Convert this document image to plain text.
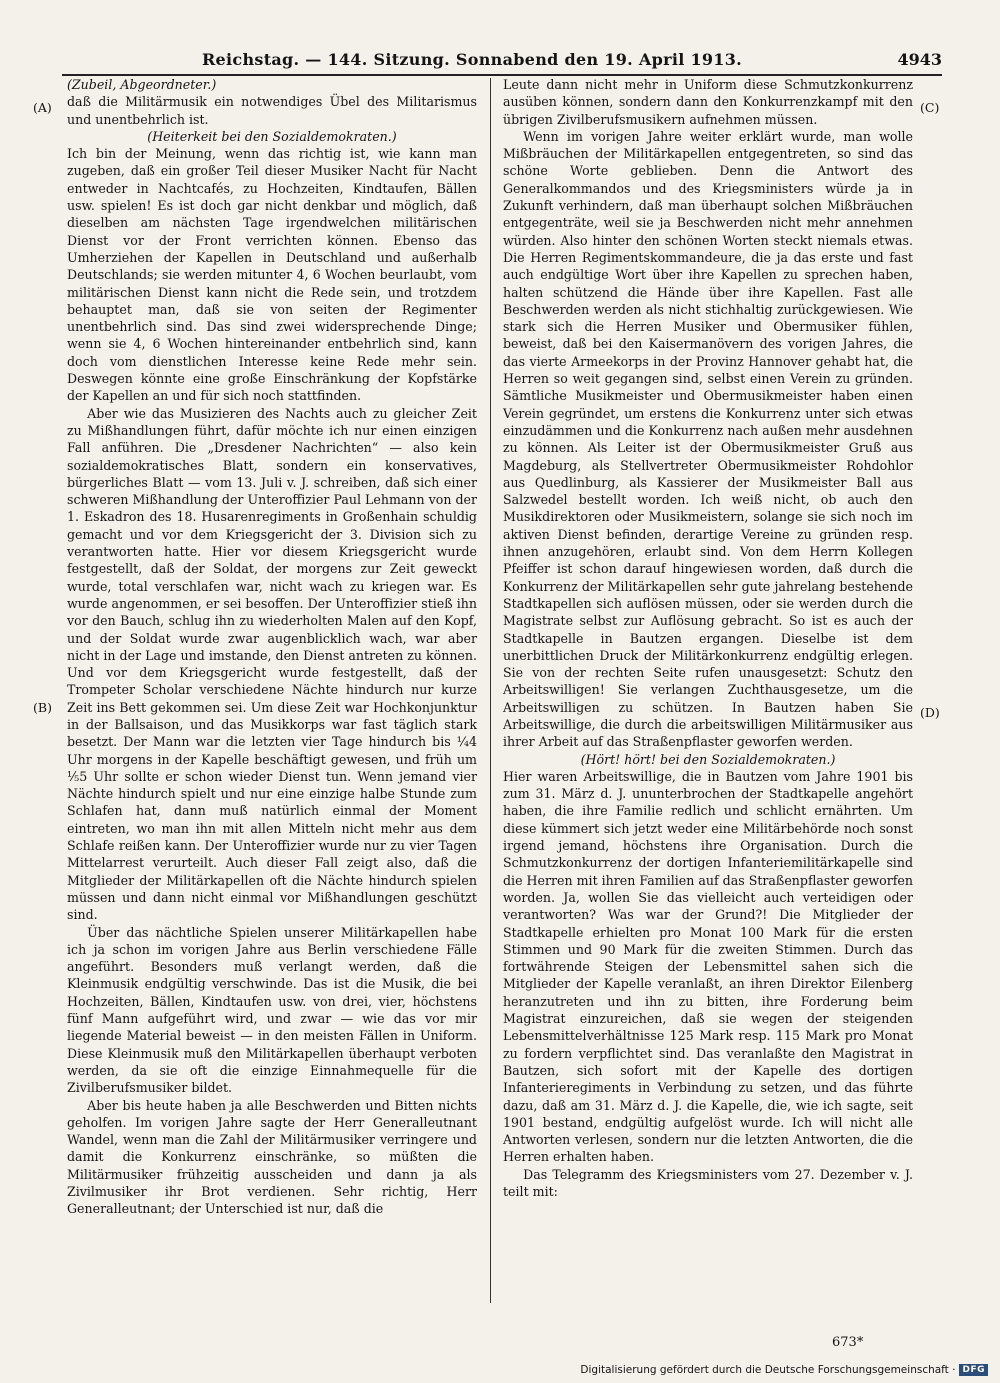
Reichstag. — 144. Sitzung. Sonnabend den 19. April 1913.	4943
(A)
(B)
(C)
(D)

(Zubeil, Abgeordneter.)

daß die Militärmusik ein notwendiges Übel des Militarismus und unentbehrlich ist.

(Heiterkeit bei den Sozialdemokraten.)

Ich bin der Meinung, wenn das richtig ist, wie kann man zugeben, daß ein großer Teil dieser Musiker Nacht für Nacht entweder in Nachtcafés, zu Hochzeiten, Kindtaufen, Bällen usw. spielen! Es ist doch gar nicht denkbar und möglich, daß dieselben am nächsten Tage irgendwelchen militärischen Dienst vor der Front verrichten können. Ebenso das Umherziehen der Kapellen in Deutschland und außerhalb Deutschlands; sie werden mitunter 4, 6 Wochen beurlaubt, vom militärischen Dienst kann nicht die Rede sein, und trotzdem behauptet man, daß sie von seiten der Regimenter unentbehrlich sind. Das sind zwei widersprechende Dinge; wenn sie 4, 6 Wochen hintereinander entbehrlich sind, kann doch vom dienstlichen Interesse keine Rede mehr sein. Deswegen könnte eine große Einschränkung der Kopfstärke der Kapellen an und für sich noch stattfinden.

Aber wie das Musizieren des Nachts auch zu gleicher Zeit zu Mißhandlungen führt, dafür möchte ich nur einen einzigen Fall anführen. Die „Dresdener Nachrichten“ — also kein sozialdemokratisches Blatt, sondern ein konservatives, bürgerliches Blatt — vom 13. Juli v. J. schreiben, daß sich einer schweren Mißhandlung der Unteroffizier Paul Lehmann von der 1. Eskadron des 18. Husarenregiments in Großenhain schuldig gemacht und vor dem Kriegsgericht der 3. Division sich zu verantworten hatte. Hier vor diesem Kriegsgericht wurde festgestellt, daß der Soldat, der morgens zur Zeit geweckt wurde, total verschlafen war, nicht wach zu kriegen war. Es wurde angenommen, er sei besoffen. Der Unteroffizier stieß ihn vor den Bauch, schlug ihn zu wiederholten Malen auf den Kopf, und der Soldat wurde zwar augenblicklich wach, war aber nicht in der Lage und imstande, den Dienst antreten zu können. Und vor dem Kriegsgericht wurde festgestellt, daß der Trompeter Scholar verschiedene Nächte hindurch nur kurze Zeit ins Bett gekommen sei. Um diese Zeit war Hochkonjunktur in der Ballsaison, und das Musikkorps war fast täglich stark besetzt. Der Mann war die letzten vier Tage hindurch bis ¼4 Uhr morgens in der Kapelle beschäftigt gewesen, und früh um ⅕5 Uhr sollte er schon wieder Dienst tun. Wenn jemand vier Nächte hindurch spielt und nur eine einzige halbe Stunde zum Schlafen hat, dann muß natürlich einmal der Moment eintreten, wo man ihn mit allen Mitteln nicht mehr aus dem Schlafe reißen kann. Der Unteroffizier wurde nur zu vier Tagen Mittelarrest verurteilt. Auch dieser Fall zeigt also, daß die Mitglieder der Militärkapellen oft die Nächte hindurch spielen müssen und dann nicht einmal vor Mißhandlungen geschützt sind.

Über das nächtliche Spielen unserer Militärkapellen habe ich ja schon im vorigen Jahre aus Berlin verschiedene Fälle angeführt. Besonders muß verlangt werden, daß die Kleinmusik endgültig verschwinde. Das ist die Musik, die bei Hochzeiten, Bällen, Kindtaufen usw. von drei, vier, höchstens fünf Mann aufgeführt wird, und zwar — wie das vor mir liegende Material beweist — in den meisten Fällen in Uniform. Diese Kleinmusik muß den Militärkapellen überhaupt verboten werden, da sie oft die einzige Einnahmequelle für die Zivilberufsmusiker bildet.

Aber bis heute haben ja alle Beschwerden und Bitten nichts geholfen. Im vorigen Jahre sagte der Herr Generalleutnant Wandel, wenn man die Zahl der Militärmusiker verringere und damit die Konkurrenz einschränke, so müßten die Militärmusiker frühzeitig ausscheiden und dann ja als Zivilmusiker ihr Brot verdienen. Sehr richtig, Herr Generalleutnant; der Unterschied ist nur, daß die

Leute dann nicht mehr in Uniform diese Schmutzkonkurrenz ausüben können, sondern dann den Konkurrenzkampf mit den übrigen Zivilberufsmusikern aufnehmen müssen.

Wenn im vorigen Jahre weiter erklärt wurde, man wolle Mißbräuchen der Militärkapellen entgegentreten, so sind das schöne Worte geblieben. Denn die Antwort des Generalkommandos und des Kriegsministers würde ja in Zukunft verhindern, daß man überhaupt solchen Mißbräuchen entgegenträte, weil sie ja Beschwerden nicht mehr annehmen würden. Also hinter den schönen Worten steckt niemals etwas. Die Herren Regimentskommandeure, die ja das erste und fast auch endgültige Wort über ihre Kapellen zu sprechen haben, halten schützend die Hände über ihre Kapellen. Fast alle Beschwerden werden als nicht stichhaltig zurückgewiesen. Wie stark sich die Herren Musiker und Obermusiker fühlen, beweist, daß bei den Kaisermanövern des vorigen Jahres, die das vierte Armeekorps in der Provinz Hannover gehabt hat, die Herren so weit gegangen sind, selbst einen Verein zu gründen. Sämtliche Musikmeister und Obermusikmeister haben einen Verein gegründet, um erstens die Konkurrenz unter sich etwas einzudämmen und die Konkurrenz nach außen mehr ausdehnen zu können. Als Leiter ist der Obermusikmeister Gruß aus Magdeburg, als Stellvertreter Obermusikmeister Rohdohlor aus Quedlinburg, als Kassierer der Musikmeister Ball aus Salzwedel bestellt worden. Ich weiß nicht, ob auch den Musikdirektoren oder Musikmeistern, solange sie sich noch im aktiven Dienst befinden, derartige Vereine zu gründen resp. ihnen anzugehören, erlaubt sind. Von dem Herrn Kollegen Pfeiffer ist schon darauf hingewiesen worden, daß durch die Konkurrenz der Militärkapellen sehr gute jahrelang bestehende Stadtkapellen sich auflösen müssen, oder sie werden durch die Magistrate selbst zur Auflösung gebracht. So ist es auch der Stadtkapelle in Bautzen ergangen. Dieselbe ist dem unerbittlichen Druck der Militärkonkurrenz endgültig erlegen. Sie von der rechten Seite rufen unausgesetzt: Schutz den Arbeitswilligen! Sie verlangen Zuchthausgesetze, um die Arbeitswilligen zu schützen. In Bautzen haben Sie Arbeitswillige, die durch die arbeitswilligen Militärmusiker aus ihrer Arbeit auf das Straßenpflaster geworfen werden.

(Hört! hört! bei den Sozialdemokraten.)

Hier waren Arbeitswillige, die in Bautzen vom Jahre 1901 bis zum 31. März d. J. ununterbrochen der Stadtkapelle angehört haben, die ihre Familie redlich und schlicht ernährten. Um diese kümmert sich jetzt weder eine Militärbehörde noch sonst irgend jemand, höchstens ihre Organisation. Durch die Schmutzkonkurrenz der dortigen Infanteriemilitärkapelle sind die Herren mit ihren Familien auf das Straßenpflaster geworfen worden. Ja, wollen Sie das vielleicht auch verteidigen oder verantworten? Was war der Grund?! Die Mitglieder der Stadtkapelle erhielten pro Monat 100 Mark für die ersten Stimmen und 90 Mark für die zweiten Stimmen. Durch das fortwährende Steigen der Lebensmittel sahen sich die Mitglieder der Kapelle veranlaßt, an ihren Direktor Eilenberg heranzutreten und ihn zu bitten, ihre Forderung beim Magistrat einzureichen, daß sie wegen der steigenden Lebensmittelverhältnisse 125 Mark resp. 115 Mark pro Monat zu fordern verpflichtet sind. Das veranlaßte den Magistrat in Bautzen, sich sofort mit der Kapelle des dortigen Infanterieregiments in Verbindung zu setzen, und das führte dazu, daß am 31. März d. J. die Kapelle, die, wie ich sagte, seit 1901 bestand, endgültig aufgelöst wurde. Ich will nicht alle Antworten verlesen, sondern nur die letzten Antworten, die die Herren erhalten haben.

Das Telegramm des Kriegsministers vom 27. Dezember v. J. teilt mit:

673*
Digitalisierung gefördert durch die Deutsche Forschungsgemeinschaft · DFG
